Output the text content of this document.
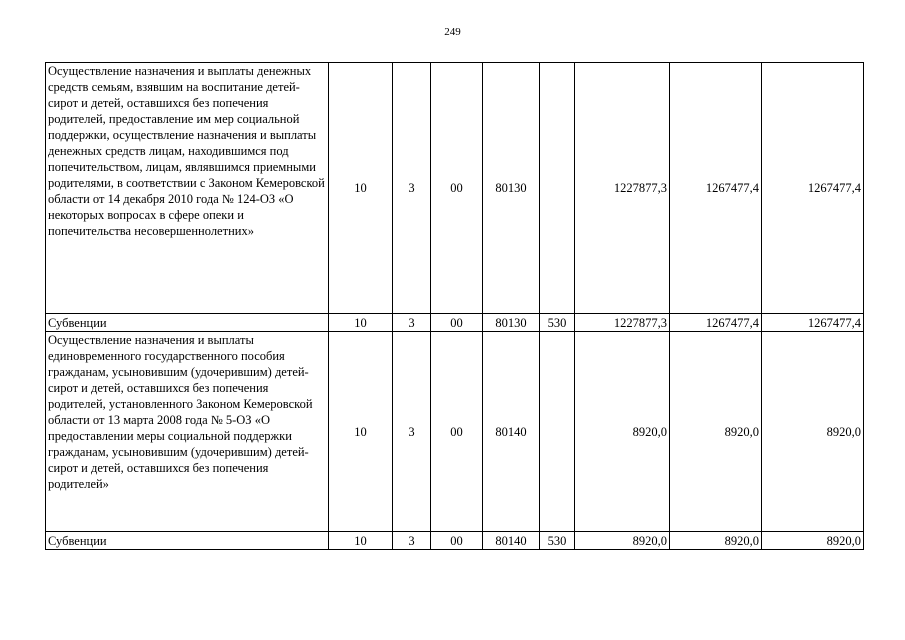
249
Осуществление назначения и выплаты денежных средств семьям, взявшим на воспитание детей-сирот и детей, оставшихся без попечения родителей, предоставление им мер социальной поддержки, осуществление назначения и выплаты денежных средств лицам, находившимся под попечительством, лицам, являвшимся приемными родителями, в соответствии с Законом Кемеровской области от 14 декабря 2010 года № 124-ОЗ «О некоторых вопросах в сфере опеки и попечительства несовершеннолетних»	10	3	00	80130		1227877,3	1267477,4	1267477,4
Субвенции	10	3	00	80130	530	1227877,3	1267477,4	1267477,4
Осуществление назначения и выплаты единовременного государственного пособия гражданам, усыновившим (удочерившим) детей-сирот и детей, оставшихся без попечения родителей, установленного Законом Кемеровской области от 13 марта 2008 года № 5-ОЗ «О предоставлении меры социальной поддержки гражданам, усыновившим (удочерившим) детей-сирот и детей, оставшихся без попечения родителей»	10	3	00	80140		8920,0	8920,0	8920,0
Субвенции	10	3	00	80140	530	8920,0	8920,0	8920,0
